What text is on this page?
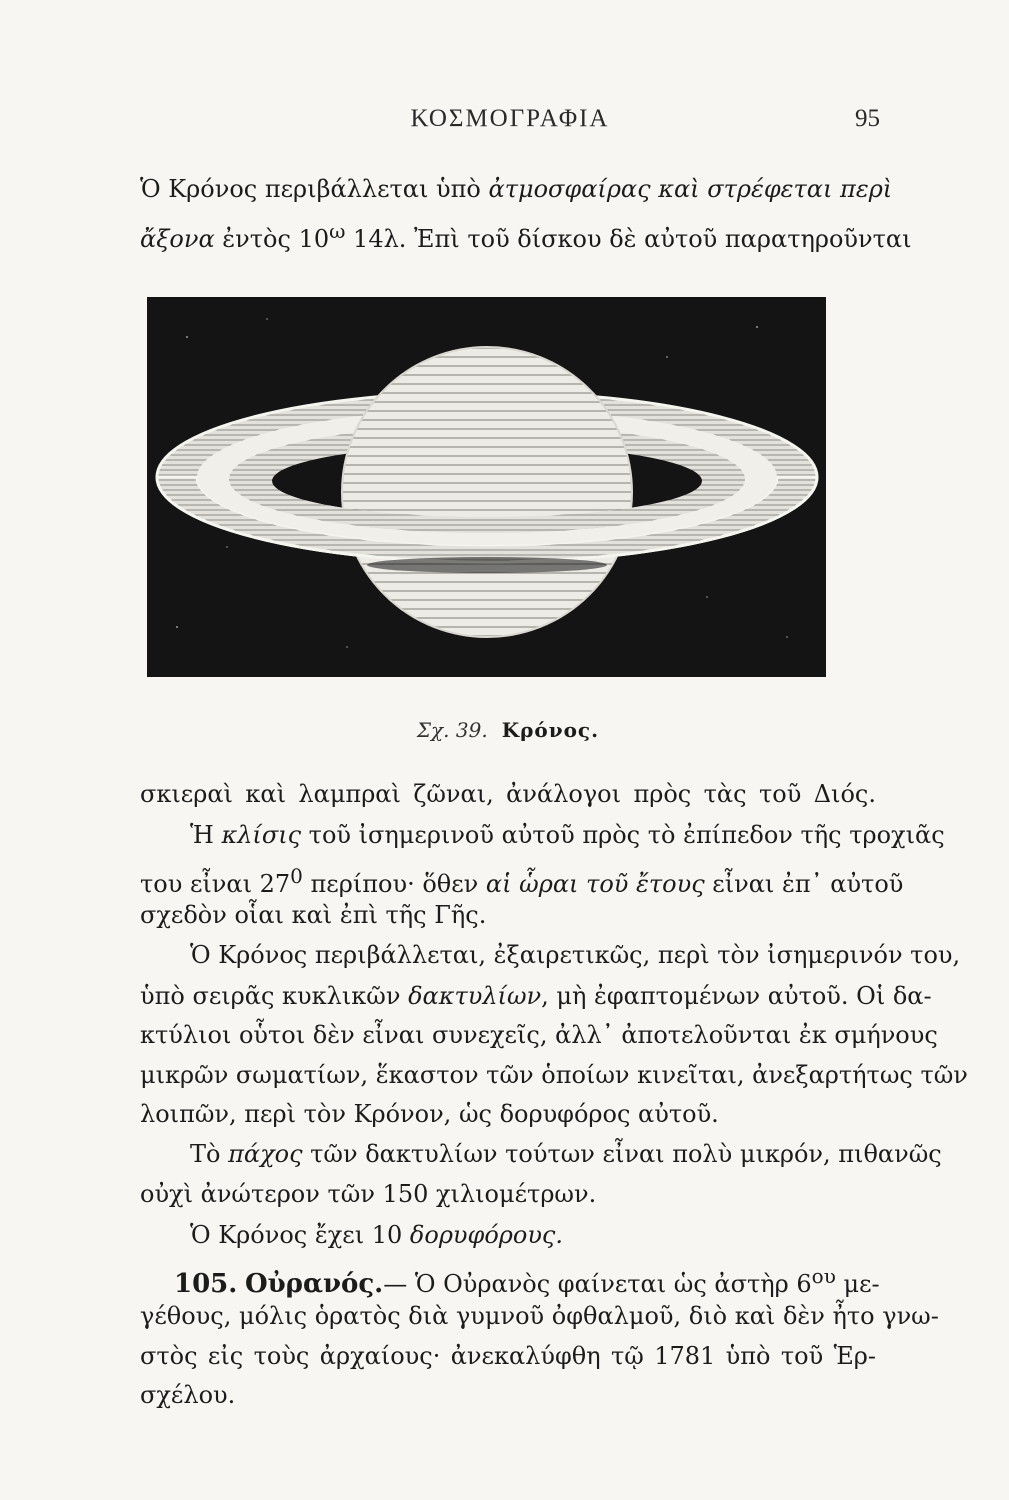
ΚΟΣΜΟΓΡΑΦΙΑ	95
Ὁ Κρόνος περιβάλλεται ὑπὸ ἀτμοσφαίρας καὶ στρέφεται περὶ
ἄξονα ἐντὸς $10^\omega$ 14λ. Ἐπὶ τοῦ δίσκου δὲ αὐτοῦ παρατηροῦνται
Σχ. 39. Κρόνος.
σκιεραὶ καὶ λαμπραὶ ζῶναι, ἀνάλογοι πρὸς τὰς τοῦ Διός.
Ἡ κλίσις τοῦ ἰσημερινοῦ αὐτοῦ πρὸς τὸ ἐπίπεδον τῆς τροχιᾶς
του εἶναι $27^0$ περίπου· ὅθεν αἱ ὧραι τοῦ ἔτους εἶναι ἐπ᾽ αὐτοῦ
σχεδὸν οἷαι καὶ ἐπὶ τῆς Γῆς.
Ὁ Κρόνος περιβάλλεται, ἐξαιρετικῶς, περὶ τὸν ἰσημερινόν του,
ὑπὸ σειρᾶς κυκλικῶν δακτυλίων, μὴ ἐφαπτομένων αὐτοῦ. Οἱ δα-
κτύλιοι οὗτοι δὲν εἶναι συνεχεῖς, ἀλλ᾽ ἀποτελοῦνται ἐκ σμήνους
μικρῶν σωματίων, ἕκαστον τῶν ὁποίων κινεῖται, ἀνεξαρτήτως τῶν
λοιπῶν, περὶ τὸν Κρόνον, ὡς δορυφόρος αὐτοῦ.
Τὸ πάχος τῶν δακτυλίων τούτων εἶναι πολὺ μικρόν, πιθανῶς
οὐχὶ ἀνώτερον τῶν 150 χιλιομέτρων.
Ὁ Κρόνος ἔχει 10 δορυφόρους.
105. Οὐρανός.— Ὁ Οὐρανὸς φαίνεται ὡς ἀστὴρ $6^{o\upsilon}$ με-
γέθους, μόλις ὁρατὸς διὰ γυμνοῦ ὀφθαλμοῦ, διὸ καὶ δὲν ἦτο γνω-
στὸς εἰς τοὺς ἀρχαίους· ἀνεκαλύφθη τῷ 1781 ὑπὸ τοῦ Ἑρ-
σχέλου.
